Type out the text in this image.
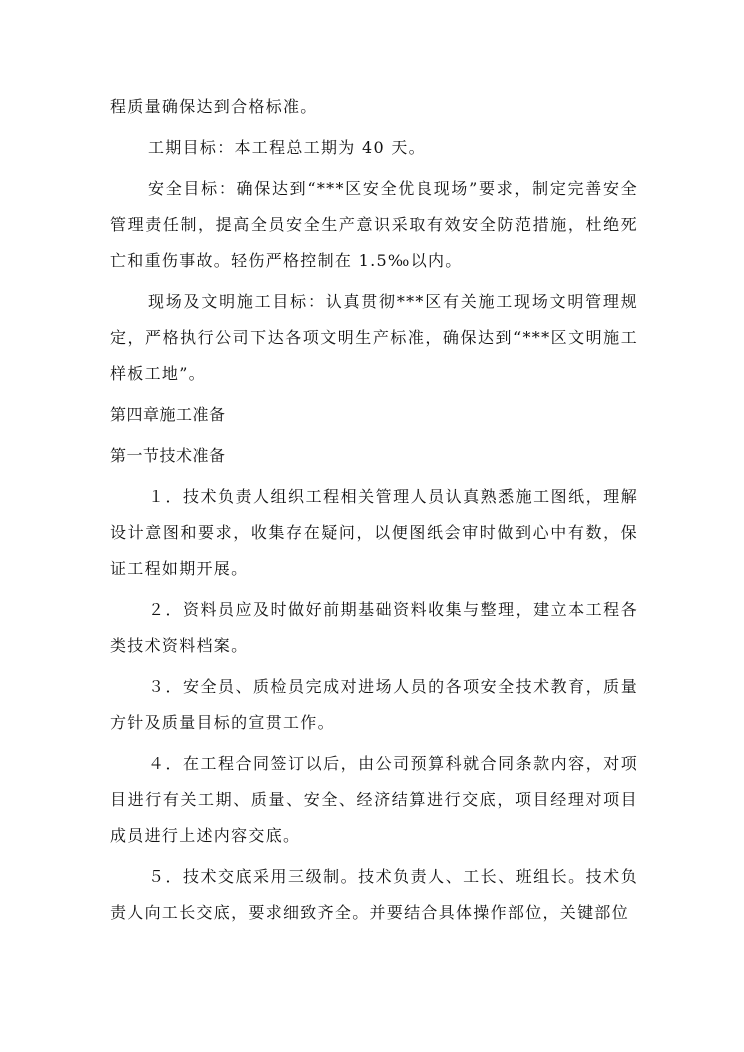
程质量确保达到合格标准。

工期目标：本工程总工期为 40 天。

安全目标：确保达到“***区安全优良现场”要求，制定完善安全管理责任制，提高全员安全生产意识采取有效安全防范措施，杜绝死亡和重伤事故。轻伤严格控制在 1.5‰以内。

现场及文明施工目标：认真贯彻***区有关施工现场文明管理规定，严格执行公司下达各项文明生产标准，确保达到“***区文明施工样板工地”。

第四章施工准备

第一节技术准备

１．技术负责人组织工程相关管理人员认真熟悉施工图纸，理解设计意图和要求，收集存在疑问，以便图纸会审时做到心中有数，保证工程如期开展。

２．资料员应及时做好前期基础资料收集与整理，建立本工程各类技术资料档案。

３．安全员、质检员完成对进场人员的各项安全技术教育，质量方针及质量目标的宣贯工作。

４．在工程合同签订以后，由公司预算科就合同条款内容，对项目进行有关工期、质量、安全、经济结算进行交底，项目经理对项目成员进行上述内容交底。

５．技术交底采用三级制。技术负责人、工长、班组长。技术负责人向工长交底，要求细致齐全。并要结合具体操作部位，关键部位
